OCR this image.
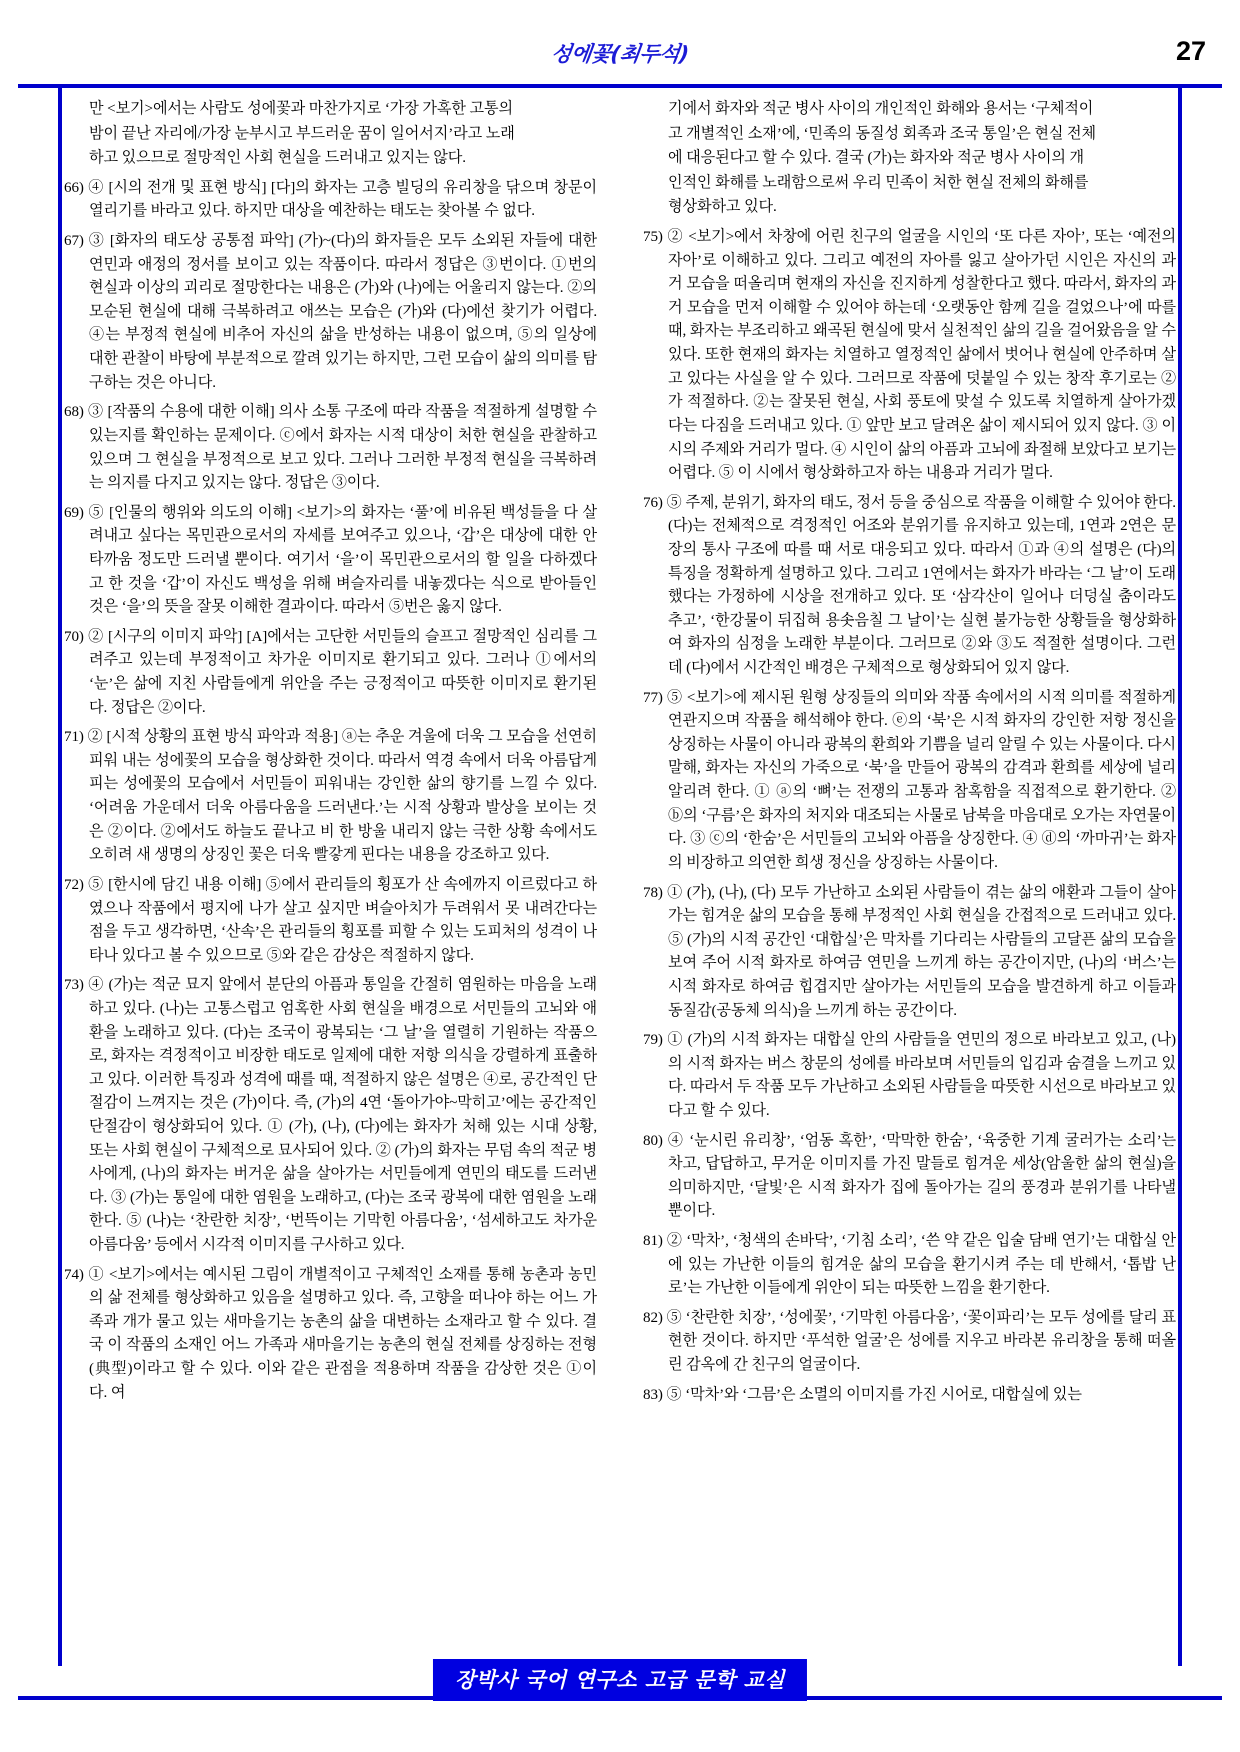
성에꽃(최두석)	27

만 <보기>에서는 사람도 성에꽃과 마찬가지로 ‘가장 가혹한 고통의

밤이 끝난 자리에/가장 눈부시고 부드러운 꿈이 일어서지’라고 노래

하고 있으므로 절망적인 사회 현실을 드러내고 있지는 않다.

66) ④ [시의 전개 및 표현 방식] [다]의 화자는 고층 빌딩의 유리창을 닦으며 창문이 열리기를 바라고 있다. 하지만 대상을 예찬하는 태도는 찾아볼 수 없다.

67) ③ [화자의 태도상 공통점 파악] (가)~(다)의 화자들은 모두 소외된 자들에 대한 연민과 애정의 정서를 보이고 있는 작품이다. 따라서 정답은 ③번이다. ①번의 현실과 이상의 괴리로 절망한다는 내용은 (가)와 (나)에는 어울리지 않는다. ②의 모순된 현실에 대해 극복하려고 애쓰는 모습은 (가)와 (다)에선 찾기가 어렵다. ④는 부정적 현실에 비추어 자신의 삶을 반성하는 내용이 없으며, ⑤의 일상에 대한 관찰이 바탕에 부분적으로 깔려 있기는 하지만, 그런 모습이 삶의 의미를 탐구하는 것은 아니다.

68) ③ [작품의 수용에 대한 이해] 의사 소통 구조에 따라 작품을 적절하게 설명할 수 있는지를 확인하는 문제이다. ⓒ에서 화자는 시적 대상이 처한 현실을 관찰하고 있으며 그 현실을 부정적으로 보고 있다. 그러나 그러한 부정적 현실을 극복하려는 의지를 다지고 있지는 않다. 정답은 ③이다.

69) ⑤ [인물의 행위와 의도의 이해] <보기>의 화자는 ‘풀’에 비유된 백성들을 다 살려내고 싶다는 목민관으로서의 자세를 보여주고 있으나, ‘갑’은 대상에 대한 안타까움 정도만 드러낼 뿐이다. 여기서 ‘을’이 목민관으로서의 할 일을 다하겠다고 한 것을 ‘갑’이 자신도 백성을 위해 벼슬자리를 내놓겠다는 식으로 받아들인 것은 ‘을’의 뜻을 잘못 이해한 결과이다. 따라서 ⑤번은 옳지 않다.

70) ② [시구의 이미지 파악] [A]에서는 고단한 서민들의 슬프고 절망적인 심리를 그려주고 있는데 부정적이고 차가운 이미지로 환기되고 있다. 그러나 ⓛ에서의 ‘눈’은 삶에 지친 사람들에게 위안을 주는 긍정적이고 따뜻한 이미지로 환기된다. 정답은 ②이다.

71) ② [시적 상황의 표현 방식 파악과 적용] ⓐ는 추운 겨울에 더욱 그 모습을 선연히 피워 내는 성에꽃의 모습을 형상화한 것이다. 따라서 역경 속에서 더욱 아름답게 피는 성에꽃의 모습에서 서민들이 피워내는 강인한 삶의 향기를 느낄 수 있다. ‘어려움 가운데서 더욱 아름다움을 드러낸다.’는 시적 상황과 발상을 보이는 것은 ②이다. ②에서도 하늘도 끝나고 비 한 방울 내리지 않는 극한 상황 속에서도 오히려 새 생명의 상징인 꽃은 더욱 빨갛게 핀다는 내용을 강조하고 있다.

72) ⑤ [한시에 담긴 내용 이해] ⑤에서 관리들의 횡포가 산 속에까지 이르렀다고 하였으나 작품에서 평지에 나가 살고 싶지만 벼슬아치가 두려워서 못 내려간다는 점을 두고 생각하면, ‘산속’은 관리들의 횡포를 피할 수 있는 도피처의 성격이 나타나 있다고 볼 수 있으므로 ⑤와 같은 감상은 적절하지 않다.

73) ④ (가)는 적군 묘지 앞에서 분단의 아픔과 통일을 간절히 염원하는 마음을 노래하고 있다. (나)는 고통스럽고 엄혹한 사회 현실을 배경으로 서민들의 고뇌와 애환을 노래하고 있다. (다)는 조국이 광복되는 ‘그 날’을 열렬히 기원하는 작품으로, 화자는 격정적이고 비장한 태도로 일제에 대한 저항 의식을 강렬하게 표출하고 있다. 이러한 특징과 성격에 때를 때, 적절하지 않은 설명은 ④로, 공간적인 단절감이 느껴지는 것은 (가)이다. 즉, (가)의 4연 ‘돌아가야~막히고’에는 공간적인 단절감이 형상화되어 있다. ① (가), (나), (다)에는 화자가 처해 있는 시대 상황, 또는 사회 현실이 구체적으로 묘사되어 있다. ② (가)의 화자는 무덤 속의 적군 병사에게, (나)의 화자는 버거운 삶을 살아가는 서민들에게 연민의 태도를 드러낸다. ③ (가)는 통일에 대한 염원을 노래하고, (다)는 조국 광복에 대한 염원을 노래한다. ⑤ (나)는 ‘찬란한 치장’, ‘번뜩이는 기막힌 아름다움’, ‘섬세하고도 차가운 아름다움’ 등에서 시각적 이미지를 구사하고 있다.

74) ① <보기>에서는 예시된 그림이 개별적이고 구체적인 소재를 통해 농촌과 농민의 삶 전체를 형상화하고 있음을 설명하고 있다. 즉, 고향을 떠나야 하는 어느 가족과 개가 물고 있는 새마을기는 농촌의 삶을 대변하는 소재라고 할 수 있다. 결국 이 작품의 소재인 어느 가족과 새마을기는 농촌의 현실 전체를 상징하는 전형(典型)이라고 할 수 있다. 이와 같은 관점을 적용하며 작품을 감상한 것은 ①이다. 여

기에서 화자와 적군 병사 사이의 개인적인 화해와 용서는 ‘구체적이

고 개별적인 소재’에, ‘민족의 동질성 회족과 조국 통일’은 현실 전체

에 대응된다고 할 수 있다. 결국 (가)는 화자와 적군 병사 사이의 개

인적인 화해를 노래함으로써 우리 민족이 처한 현실 전체의 화해를

형상화하고 있다.

75) ② <보기>에서 차창에 어린 친구의 얼굴을 시인의 ‘또 다른 자아’, 또는 ‘예전의 자아’로 이해하고 있다. 그리고 예전의 자아를 잃고 살아가던 시인은 자신의 과거 모습을 떠올리며 현재의 자신을 진지하게 성찰한다고 했다. 따라서, 화자의 과거 모습을 먼저 이해할 수 있어야 하는데 ‘오랫동안 함께 길을 걸었으나’에 따를 때, 화자는 부조리하고 왜곡된 현실에 맞서 실천적인 삶의 길을 걸어왔음을 알 수 있다. 또한 현재의 화자는 치열하고 열정적인 삶에서 벗어나 현실에 안주하며 살고 있다는 사실을 알 수 있다. 그러므로 작품에 덧붙일 수 있는 창작 후기로는 ②가 적절하다. ②는 잘못된 현실, 사회 풍토에 맞설 수 있도록 치열하게 살아가겠다는 다짐을 드러내고 있다. ① 앞만 보고 달려온 삶이 제시되어 있지 않다. ③ 이 시의 주제와 거리가 멀다. ④ 시인이 삶의 아픔과 고뇌에 좌절해 보았다고 보기는 어렵다. ⑤ 이 시에서 형상화하고자 하는 내용과 거리가 멀다.

76) ⑤ 주제, 분위기, 화자의 태도, 정서 등을 중심으로 작품을 이해할 수 있어야 한다. (다)는 전체적으로 격정적인 어조와 분위기를 유지하고 있는데, 1연과 2연은 문장의 통사 구조에 따를 때 서로 대응되고 있다. 따라서 ①과 ④의 설명은 (다)의 특징을 정확하게 설명하고 있다. 그리고 1연에서는 화자가 바라는 ‘그 날’이 도래했다는 가정하에 시상을 전개하고 있다. 또 ‘삼각산이 일어나 더덩실 춤이라도 추고’, ‘한강물이 뒤집혀 용솟음칠 그 날이’는 실현 불가능한 상황들을 형상화하여 화자의 심정을 노래한 부분이다. 그러므로 ②와 ③도 적절한 설명이다. 그런데 (다)에서 시간적인 배경은 구체적으로 형상화되어 있지 않다.

77) ⑤ <보기>에 제시된 원형 상징들의 의미와 작품 속에서의 시적 의미를 적절하게 연관지으며 작품을 해석해야 한다. ⓔ의 ‘북’은 시적 화자의 강인한 저항 정신을 상징하는 사물이 아니라 광복의 환희와 기쁨을 널리 알릴 수 있는 사물이다. 다시 말해, 화자는 자신의 가죽으로 ‘북’을 만들어 광복의 감격과 환희를 세상에 널리 알리려 한다. ① ⓐ의 ‘뼈’는 전쟁의 고통과 참혹함을 직접적으로 환기한다. ② ⓑ의 ‘구름’은 화자의 처지와 대조되는 사물로 남북을 마음대로 오가는 자연물이다. ③ ⓒ의 ‘한숨’은 서민들의 고뇌와 아픔을 상징한다. ④ ⓓ의 ‘까마귀’는 화자의 비장하고 의연한 희생 정신을 상징하는 사물이다.

78) ① (가), (나), (다) 모두 가난하고 소외된 사람들이 겪는 삶의 애환과 그들이 살아가는 힘겨운 삶의 모습을 통해 부정적인 사회 현실을 간접적으로 드러내고 있다. ⑤ (가)의 시적 공간인 ‘대합실’은 막차를 기다리는 사람들의 고달픈 삶의 모습을 보여 주어 시적 화자로 하여금 연민을 느끼게 하는 공간이지만, (나)의 ‘버스’는 시적 화자로 하여금 힙겹지만 살아가는 서민들의 모습을 발견하게 하고 이들과 동질감(공동체 의식)을 느끼게 하는 공간이다.

79) ① (가)의 시적 화자는 대합실 안의 사람들을 연민의 정으로 바라보고 있고, (나)의 시적 화자는 버스 창문의 성에를 바라보며 서민들의 입김과 숨결을 느끼고 있다. 따라서 두 작품 모두 가난하고 소외된 사람들을 따뜻한 시선으로 바라보고 있다고 할 수 있다.

80) ④ ‘눈시린 유리창’, ‘엄동 혹한’, ‘막막한 한숨’, ‘육중한 기계 굴러가는 소리’는 차고, 답답하고, 무거운 이미지를 가진 말들로 힘겨운 세상(암울한 삶의 현실)을 의미하지만, ‘달빛’은 시적 화자가 집에 돌아가는 길의 풍경과 분위기를 나타낼 뿐이다.

81) ② ‘막차’, ‘청색의 손바닥’, ‘기침 소리’, ‘쓴 약 같은 입술 담배 연기’는 대합실 안에 있는 가난한 이들의 힘겨운 삶의 모습을 환기시켜 주는 데 반해서, ‘톱밥 난로’는 가난한 이들에게 위안이 되는 따뜻한 느낌을 환기한다.

82) ⑤ ‘찬란한 치장’, ‘성에꽃’, ‘기막힌 아름다움’, ‘꽃이파리’는 모두 성에를 달리 표현한 것이다. 하지만 ‘푸석한 얼굴’은 성에를 지우고 바라본 유리창을 통해 떠올린 감옥에 간 친구의 얼굴이다.

83) ⑤ ‘막차’와 ‘그믐’은 소멸의 이미지를 가진 시어로, 대합실에 있는

장박사 국어 연구소 고급 문학 교실
